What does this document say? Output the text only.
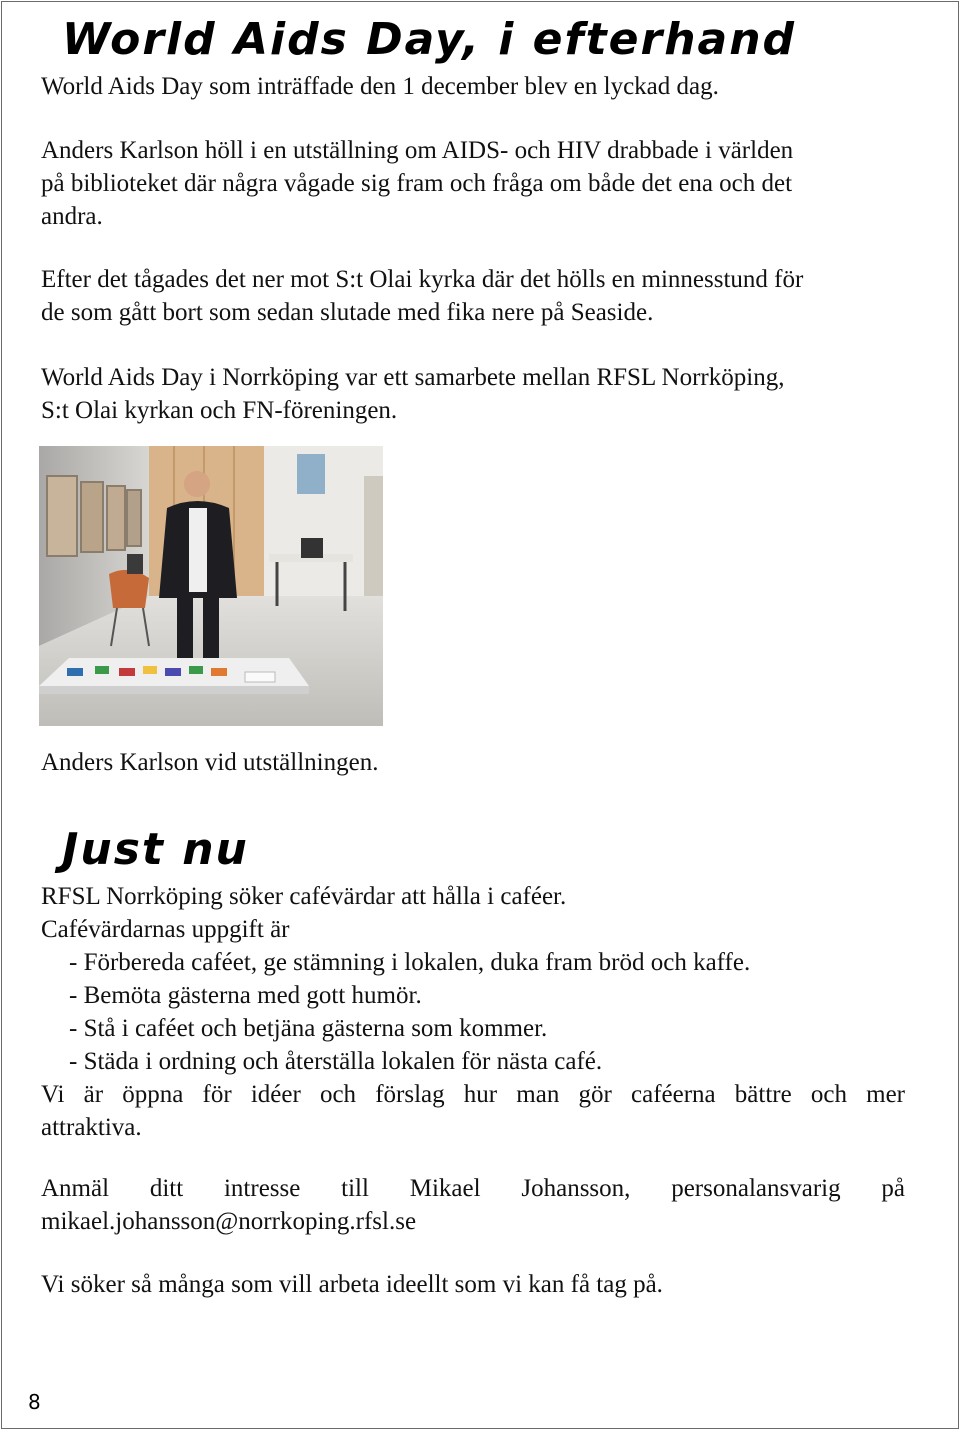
World Aids Day, i efterhand
World Aids Day som inträffade den 1 december blev en lyckad dag.
Anders Karlson höll i en utställning om AIDS- och HIV drabbade i världen
på biblioteket där några vågade sig fram och fråga om både det ena och det
andra.
Efter det tågades det ner mot S:t Olai kyrka där det hölls en minnesstund för
de som gått bort som sedan slutade med fika nere på Seaside.
World Aids Day i Norrköping var ett samarbete mellan RFSL Norrköping,
S:t Olai kyrkan och FN-föreningen.
Anders Karlson vid utställningen.
Just nu
RFSL Norrköping söker cafévärdar att hålla i caféer.
Cafévärdarnas uppgift är
- Förbereda caféet, ge stämning i lokalen, duka fram bröd och kaffe.
- Bemöta gästerna med gott humör.
- Stå i caféet och betjäna gästerna som kommer.
- Städa i ordning och återställa lokalen för nästa café.
Vi är öppna för idéer och förslag hur man gör caféerna bättre och mer
attraktiva.
Anmäl ditt intresse till Mikael Johansson, personalansvarig på
mikael.johansson@norrkoping.rfsl.se
Vi söker så många som vill arbeta ideellt som vi kan få tag på.
8
